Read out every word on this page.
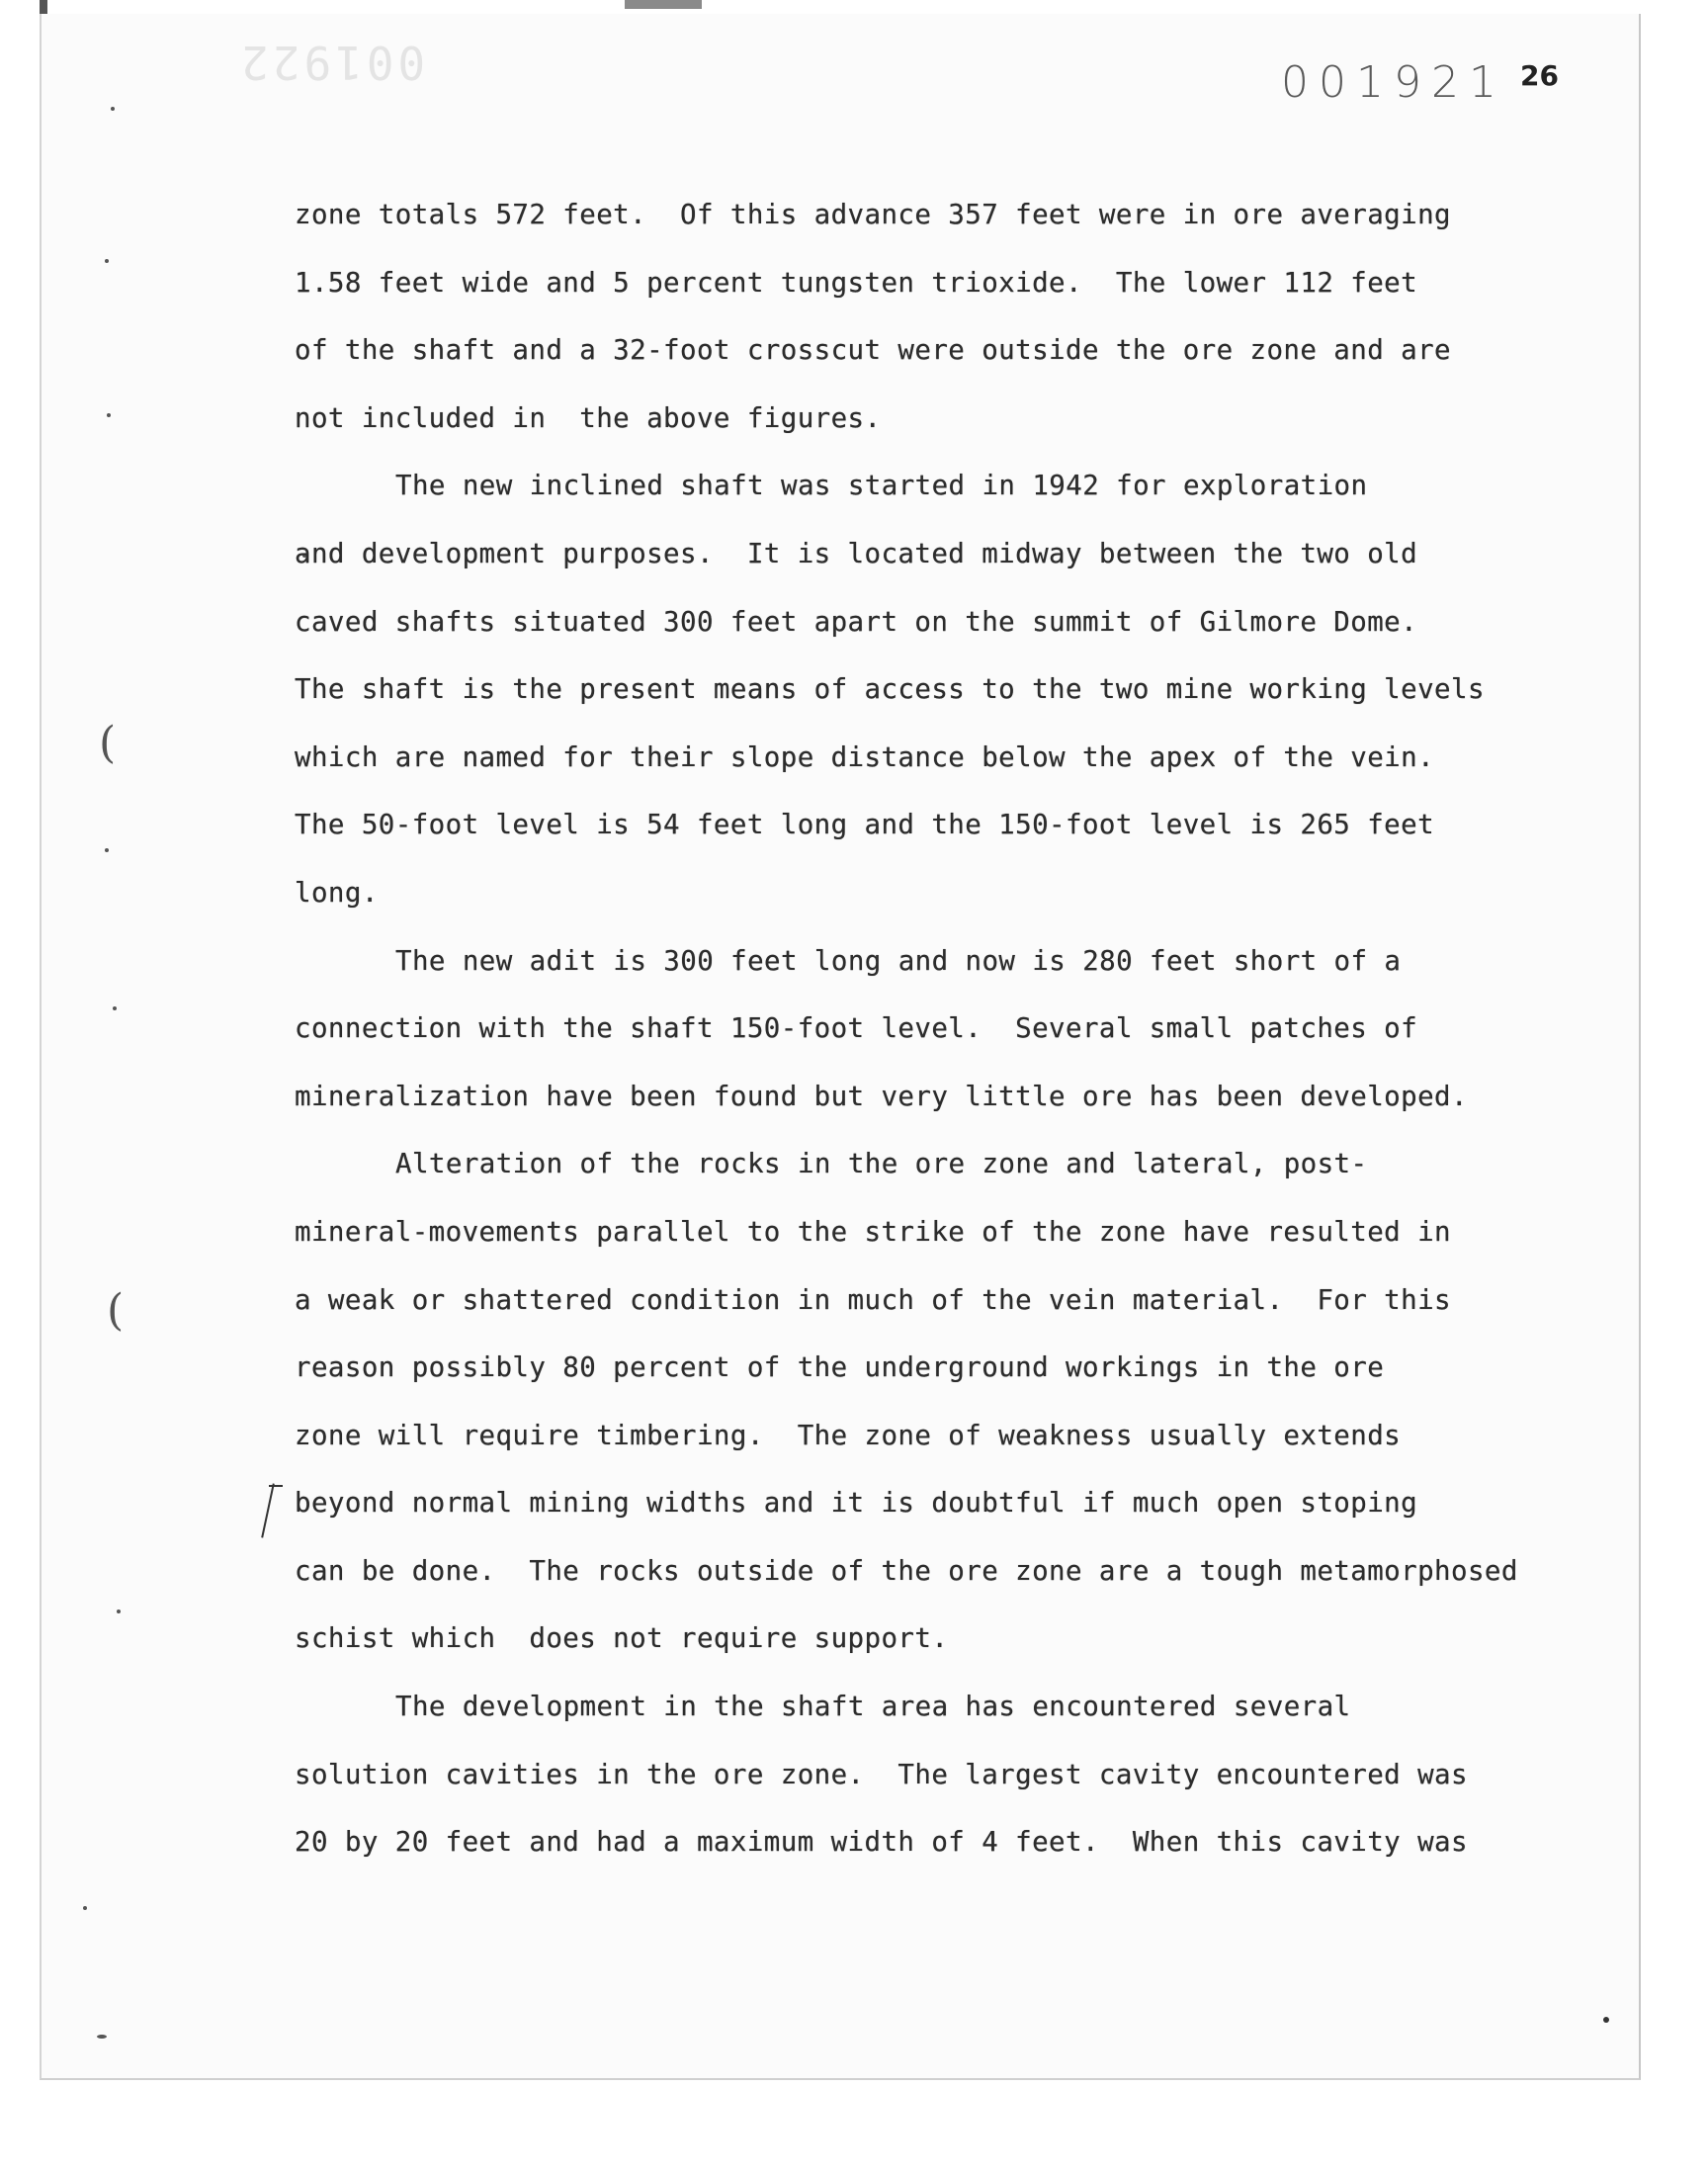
(
(
001922	001921 26
zone totals 572 feet.  Of this advance 357 feet were in ore averaging
1.58 feet wide and 5 percent tungsten trioxide.  The lower 112 feet
of the shaft and a 32-foot crosscut were outside the ore zone and are
not included in  the above figures.
The new inclined shaft was started in 1942 for exploration
and development purposes.  It is located midway between the two old
caved shafts situated 300 feet apart on the summit of Gilmore Dome.
The shaft is the present means of access to the two mine working levels
which are named for their slope distance below the apex of the vein.
The 50-foot level is 54 feet long and the 150-foot level is 265 feet
long.
The new adit is 300 feet long and now is 280 feet short of a
connection with the shaft 150-foot level.  Several small patches of
mineralization have been found but very little ore has been developed.
Alteration of the rocks in the ore zone and lateral, post-
mineral-movements parallel to the strike of the zone have resulted in
a weak or shattered condition in much of the vein material.  For this
reason possibly 80 percent of the underground workings in the ore
zone will require timbering.  The zone of weakness usually extends
beyond normal mining widths and it is doubtful if much open stoping
can be done.  The rocks outside of the ore zone are a tough metamorphosed
schist which  does not require support.
The development in the shaft area has encountered several
solution cavities in the ore zone.  The largest cavity encountered was
20 by 20 feet and had a maximum width of 4 feet.  When this cavity was
